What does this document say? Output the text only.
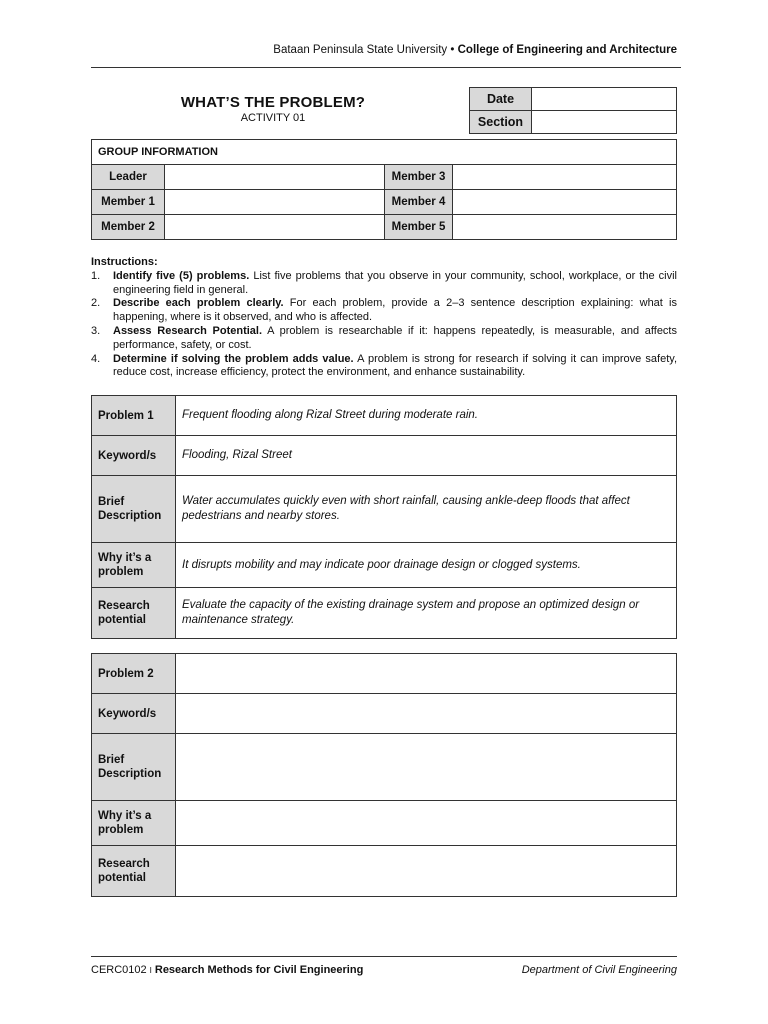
Bataan Peninsula State University • College of Engineering and Architecture
WHAT’S THE PROBLEM?
ACTIVITY 01
Date	
Section	
GROUP INFORMATION			
Leader		Member 3	
Member 1		Member 4	
Member 2		Member 5	
Instructions:
1.	Identify five (5) problems. List five problems that you observe in your community, school, workplace, or the civil engineering field in general.
2.	Describe each problem clearly. For each problem, provide a 2–3 sentence description explaining: what is happening, where is it observed, and who is affected.
3.	Assess Research Potential. A problem is researchable if it: happens repeatedly, is measurable, and affects performance, safety, or cost.
4.	Determine if solving the problem adds value. A problem is strong for research if solving it can improve safety, reduce cost, increase efficiency, protect the environment, and enhance sustainability.
Problem 1	Frequent flooding along Rizal Street during moderate rain.
Keyword/s	Flooding, Rizal Street
Brief Description	Water accumulates quickly even with short rainfall, causing ankle-deep floods that affect pedestrians and nearby stores.
Why it’s a problem	It disrupts mobility and may indicate poor drainage design or clogged systems.
Research potential	Evaluate the capacity of the existing drainage system and propose an optimized design or maintenance strategy.
Problem 2	
Keyword/s	
Brief Description	
Why it’s a problem	
Research potential	
CERC0102 I Research Methods for Civil Engineering	Department of Civil Engineering
